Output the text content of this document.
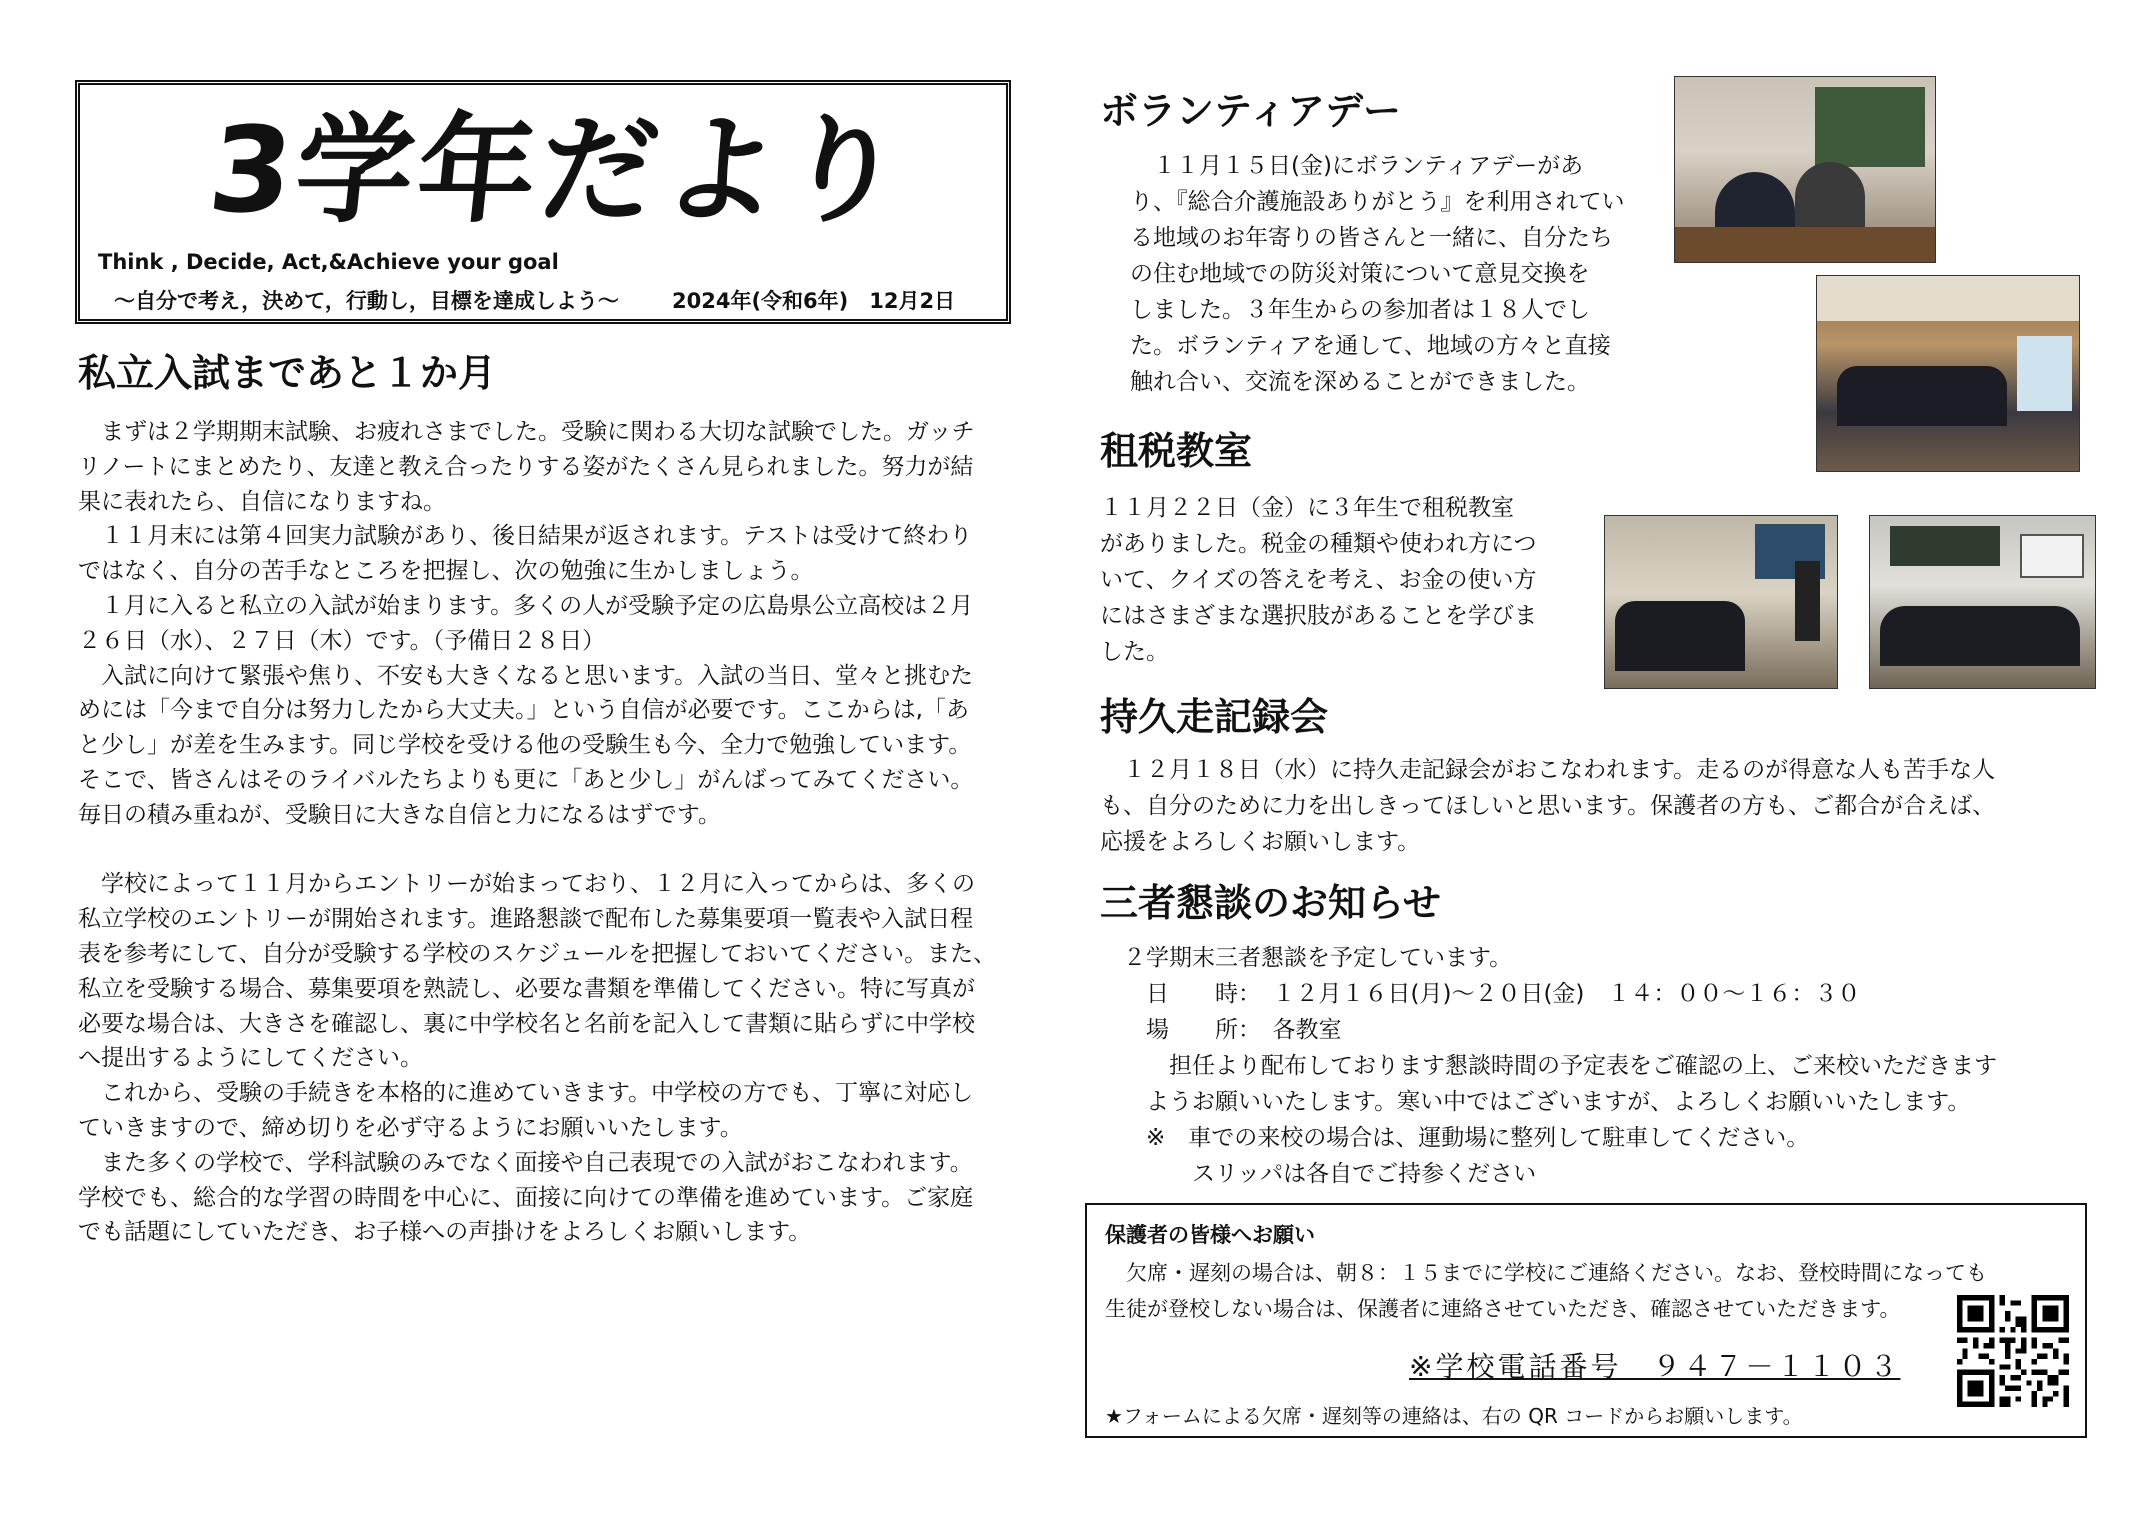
3学年だより
Think , Decide, Act,&Achieve your goal
～自分で考え，決めて，行動し，目標を達成しよう～	2024年(令和6年)　12月2日
私立入試まであと１か月

　まずは２学期期末試験、お疲れさまでした。受験に関わる大切な試験でした。ガッチ

リノートにまとめたり、友達と教え合ったりする姿がたくさん見られました。努力が結

果に表れたら、自信になりますね。

　１１月末には第４回実力試験があり、後日結果が返されます。テストは受けて終わり

ではなく、自分の苦手なところを把握し、次の勉強に生かしましょう。

　１月に入ると私立の入試が始まります。多くの人が受験予定の広島県公立高校は２月

２６日（水）、２７日（木）です。（予備日２８日）

　入試に向けて緊張や焦り、不安も大きくなると思います。入試の当日、堂々と挑むた

めには「今まで自分は努力したから大丈夫。」という自信が必要です。ここからは,「あ

と少し」が差を生みます。同じ学校を受ける他の受験生も今、全力で勉強しています。

そこで、皆さんはそのライバルたちよりも更に「あと少し」がんばってみてください。

毎日の積み重ねが、受験日に大きな自信と力になるはずです。

　学校によって１１月からエントリーが始まっており、１２月に入ってからは、多くの

私立学校のエントリーが開始されます。進路懇談で配布した募集要項一覧表や入試日程

表を参考にして、自分が受験する学校のスケジュールを把握しておいてください。また、

私立を受験する場合、募集要項を熟読し、必要な書類を準備してください。特に写真が

必要な場合は、大きさを確認し、裏に中学校名と名前を記入して書類に貼らずに中学校

へ提出するようにしてください。

　これから、受験の手続きを本格的に進めていきます。中学校の方でも、丁寧に対応し

ていきますので、締め切りを必ず守るようにお願いいたします。

　また多くの学校で、学科試験のみでなく面接や自己表現での入試がおこなわれます。

学校でも、総合的な学習の時間を中心に、面接に向けての準備を進めています。ご家庭

でも話題にしていただき、お子様への声掛けをよろしくお願いします。

ボランティアデー

　１１月１５日(金)にボランティアデーがあ

り、『総合介護施設ありがとう』を利用されてい

る地域のお年寄りの皆さんと一緒に、自分たち

の住む地域での防災対策について意見交換を

しました。３年生からの参加者は１８人でし

た。ボランティアを通して、地域の方々と直接

触れ合い、交流を深めることができました。

租税教室

１１月２２日（金）に３年生で租税教室

がありました。税金の種類や使われ方につ

いて、クイズの答えを考え、お金の使い方

にはさまざまな選択肢があることを学びま

した。

持久走記録会

　１２月１８日（水）に持久走記録会がおこなわれます。走るのが得意な人も苦手な人

も、自分のために力を出しきってほしいと思います。保護者の方も、ご都合が合えば、

応援をよろしくお願いします。

三者懇談のお知らせ

　２学期末三者懇談を予定しています。

　　日　　時：　１２月１６日(月)～２０日(金)　１４：００～１６：３０

　　場　　所：　各教室

　　　担任より配布しております懇談時間の予定表をご確認の上、ご来校いただきます

　　ようお願いいたします。寒い中ではございますが、よろしくお願いいたします。

　　※　車での来校の場合は、運動場に整列して駐車してください。

　　　　スリッパは各自でご持参ください

保護者の皆様へお願い

　欠席・遅刻の場合は、朝８：１５までに学校にご連絡ください。なお、登校時間になっても

生徒が登校しない場合は、保護者に連絡させていただき、確認させていただきます。

※学校電話番号　９４７－１１０３
★フォームによる欠席・遅刻等の連絡は、右の QR コードからお願いします。
